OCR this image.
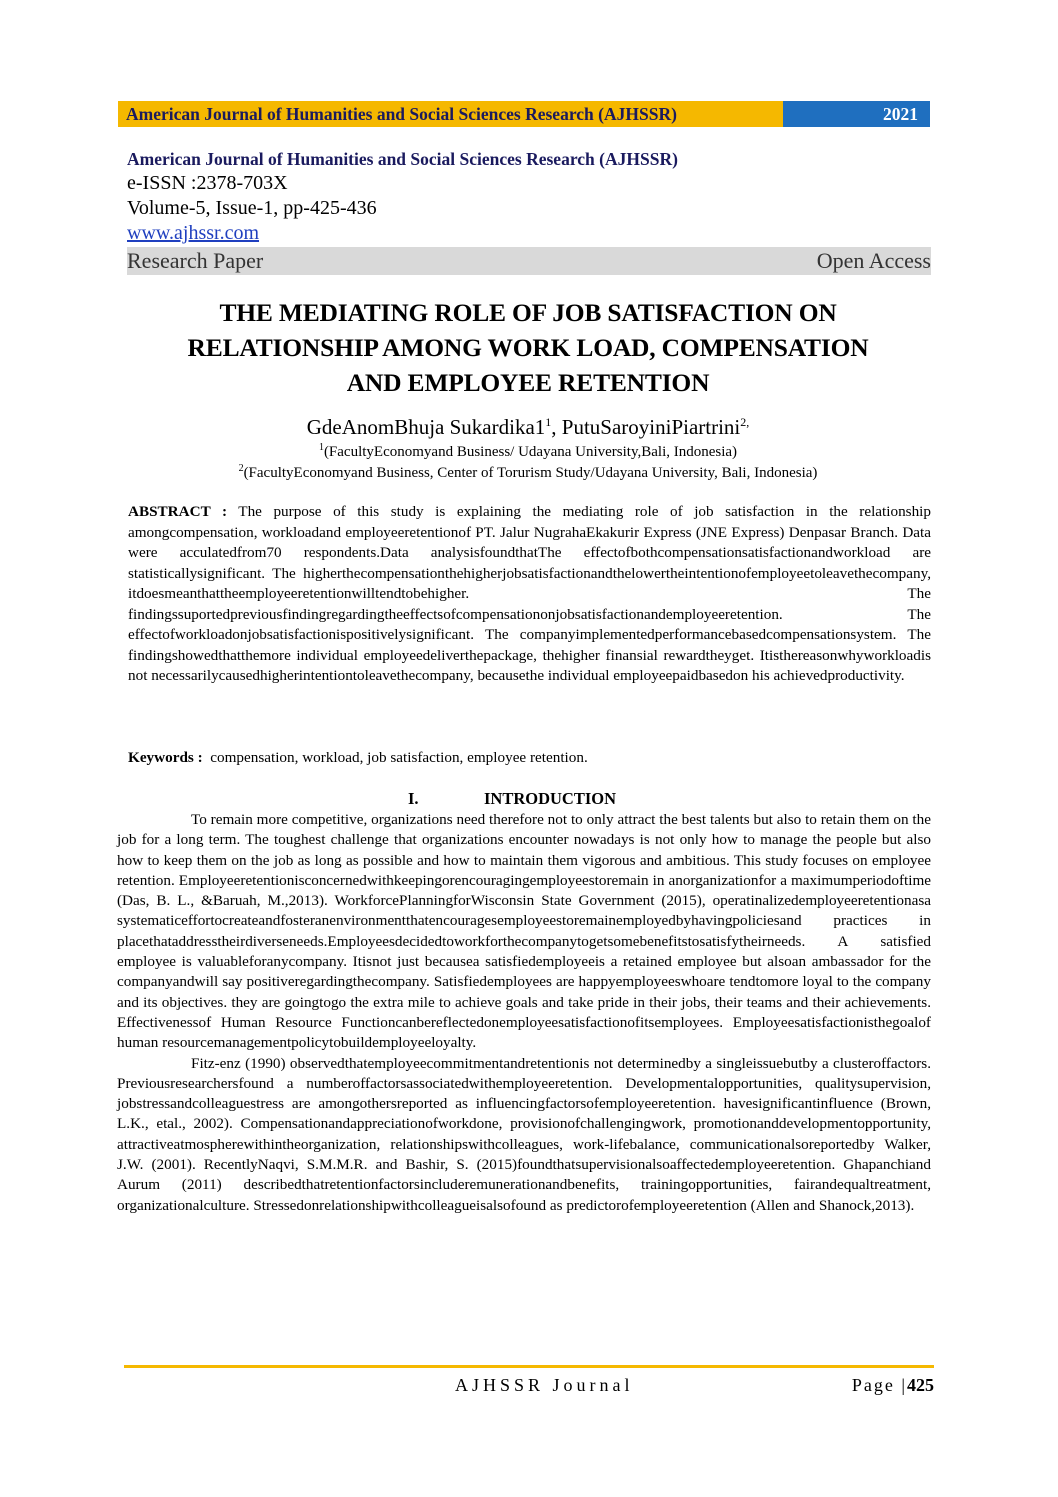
American Journal of Humanities and Social Sciences Research (AJHSSR)	2021
American Journal of Humanities and Social Sciences Research (AJHSSR)
e-ISSN :2378-703X
Volume-5, Issue-1, pp-425-436
www.ajhssr.com
Research Paper	Open Access
THE MEDIATING ROLE OF JOB SATISFACTION ON
RELATIONSHIP AMONG WORK LOAD, COMPENSATION
AND EMPLOYEE RETENTION
GdeAnomBhuja $Sukardika1^1$, PutuSaroyiniPiartrini$^{2,}$
$^1$(FacultyEconomyand Business/ Udayana University,Bali, Indonesia)
$^2$(FacultyEconomyand Business, Center of Torurism Study/Udayana University, Bali, Indonesia)
ABSTRACT : The purpose of this study is explaining the mediating role of job satisfaction in the relationship amongcompensation, workloadand employeeretentionof PT. Jalur NugrahaEkakurir Express (JNE Express) Denpasar Branch. Data were acculatedfrom70 respondents.Data analysisfoundthatThe effectofbothcompensationsatisfactionandworkload are statisticallysignificant. The higherthecompensationthehigherjobsatisfactionandthelowertheintentionofemployeetoleavethecompany, itdoesmeanthattheemployeeretentionwilltendtobehigher. The findingssuportedpreviousfindingregardingtheeffectsofcompensationonjobsatisfactionandemployeeretention. The effectofworkloadonjobsatisfactionispositivelysignificant. The companyimplementedperformancebasedcompensationsystem. The findingshowedthatthemore individual employeedeliverthepackage, thehigher finansial rewardtheyget. Itisthereasonwhyworkloadis not necessarilycausedhigherintentiontoleavethecompany, becausethe individual employeepaidbasedon his achievedproductivity.
Keywords : compensation, workload, job satisfaction, employee retention.
I.	INTRODUCTION

To remain more competitive, organizations need therefore not to only attract the best talents but also to retain them on the job for a long term. The toughest challenge that organizations encounter nowadays is not only how to manage the people but also how to keep them on the job as long as possible and how to maintain them vigorous and ambitious. This study focuses on employee retention. Employeeretentionisconcernedwithkeepingorencouragingemployeestoremain in anorganizationfor a maximumperiodoftime (Das, B. L., &Baruah, M.,2013). WorkforcePlanningforWisconsin State Government (2015), operatinalizedemployeeretentionasa systematiceffortocreateandfosteranenvironmentthatencouragesemployeestoremainemployedbyhavingpoliciesand practices in placethataddresstheirdiverseneeds.Employeesdecidedtoworkforthecompanytogetsomebenefitstosatisfytheirneeds. A satisfied employee is valuableforanycompany. Itisnot just becausea satisfiedemployeeis a retained employee but alsoan ambassador for the companyandwill say positiveregardingthecompany. Satisfiedemployees are happyemployeeswhoare tendtomore loyal to the company and its objectives. they are goingtogo the extra mile to achieve goals and take pride in their jobs, their teams and their achievements. Effectivenessof Human Resource Functioncanbereflectedonemployeesatisfactionofitsemployees. Employeesatisfactionisthegoalof human resourcemanagementpolicytobuildemployeeloyalty.

Fitz-enz (1990) observedthatemployeecommitmentandretentionis not determinedby a singleissuebutby a clusteroffactors. Previousresearchersfound a numberoffactorsassociatedwithemployeeretention. Developmentalopportunities, qualitysupervision, jobstressandcolleaguestress are amongothersreported as influencingfactorsofemployeeretention. havesignificantinfluence (Brown, L.K., etal., 2002). Compensationandappreciationofworkdone, provisionofchallengingwork, promotionanddevelopmentopportunity, attractiveatmospherewithintheorganization, relationshipswithcolleagues, work-lifebalance, communicationalsoreportedby Walker, J.W. (2001). RecentlyNaqvi, S.M.M.R. and Bashir, S. (2015)foundthatsupervisionalsoaffectedemployeeretention. Ghapanchiand Aurum (2011) describedthatretentionfactorsincluderemunerationandbenefits, trainingopportunities, fairandequaltreatment, organizationalculture. Stressedonrelationshipwithcolleagueisalsofound as predictorofemployeeretention (Allen and Shanock,2013).

AJHSSR Journal	Page |425
